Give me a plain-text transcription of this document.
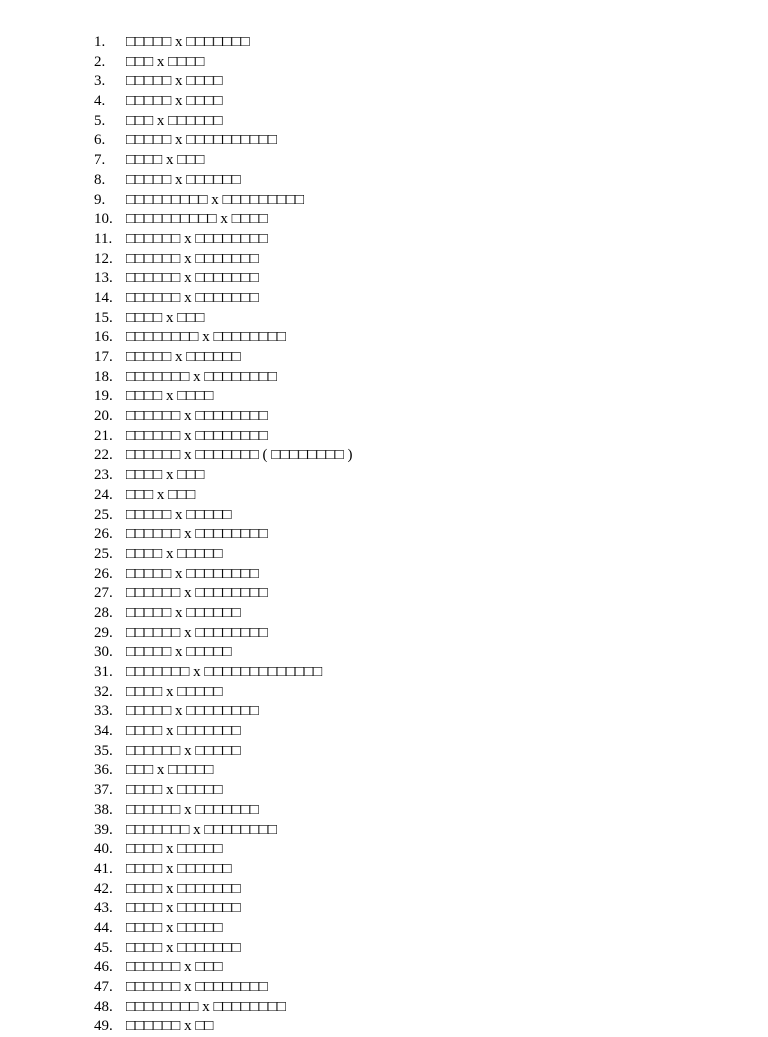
1. □□□□□ x □□□□□□□
2. □□□ x □□□□
3. □□□□□ x □□□□
4. □□□□□ x □□□□
5. □□□ x □□□□□□
6. □□□□□ x □□□□□□□□□□
7. □□□□ x □□□
8. □□□□□ x □□□□□□
9. □□□□□□□□□ x □□□□□□□□□
10. □□□□□□□□□□ x □□□□
11. □□□□□□ x □□□□□□□□
12. □□□□□□ x □□□□□□□
13. □□□□□□ x □□□□□□□
14. □□□□□□ x □□□□□□□
15. □□□□ x □□□
16. □□□□□□□□ x □□□□□□□□
17. □□□□□ x □□□□□□
18. □□□□□□□ x □□□□□□□□
19. □□□□ x □□□□
20. □□□□□□ x □□□□□□□□
21. □□□□□□ x □□□□□□□□
22. □□□□□□ x □□□□□□□ ( □□□□□□□□ )
23. □□□□ x □□□
24. □□□ x □□□
25. □□□□□ x □□□□□
26. □□□□□□ x □□□□□□□□
25. □□□□ x □□□□□
26. □□□□□ x □□□□□□□□
27. □□□□□□ x □□□□□□□□
28. □□□□□ x □□□□□□
29. □□□□□□ x □□□□□□□□
30. □□□□□ x □□□□□
31. □□□□□□□ x □□□□□□□□□□□□□
32. □□□□ x □□□□□
33. □□□□□ x □□□□□□□□
34. □□□□ x □□□□□□□
35. □□□□□□ x □□□□□
36. □□□ x □□□□□
37. □□□□ x □□□□□
38. □□□□□□ x □□□□□□□
39. □□□□□□□ x □□□□□□□□
40. □□□□ x □□□□□
41. □□□□ x □□□□□□
42. □□□□ x □□□□□□□
43. □□□□ x □□□□□□□
44. □□□□ x □□□□□
45. □□□□ x □□□□□□□
46. □□□□□□ x □□□
47. □□□□□□ x □□□□□□□□
48. □□□□□□□□ x □□□□□□□□
49. □□□□□□ x □□
